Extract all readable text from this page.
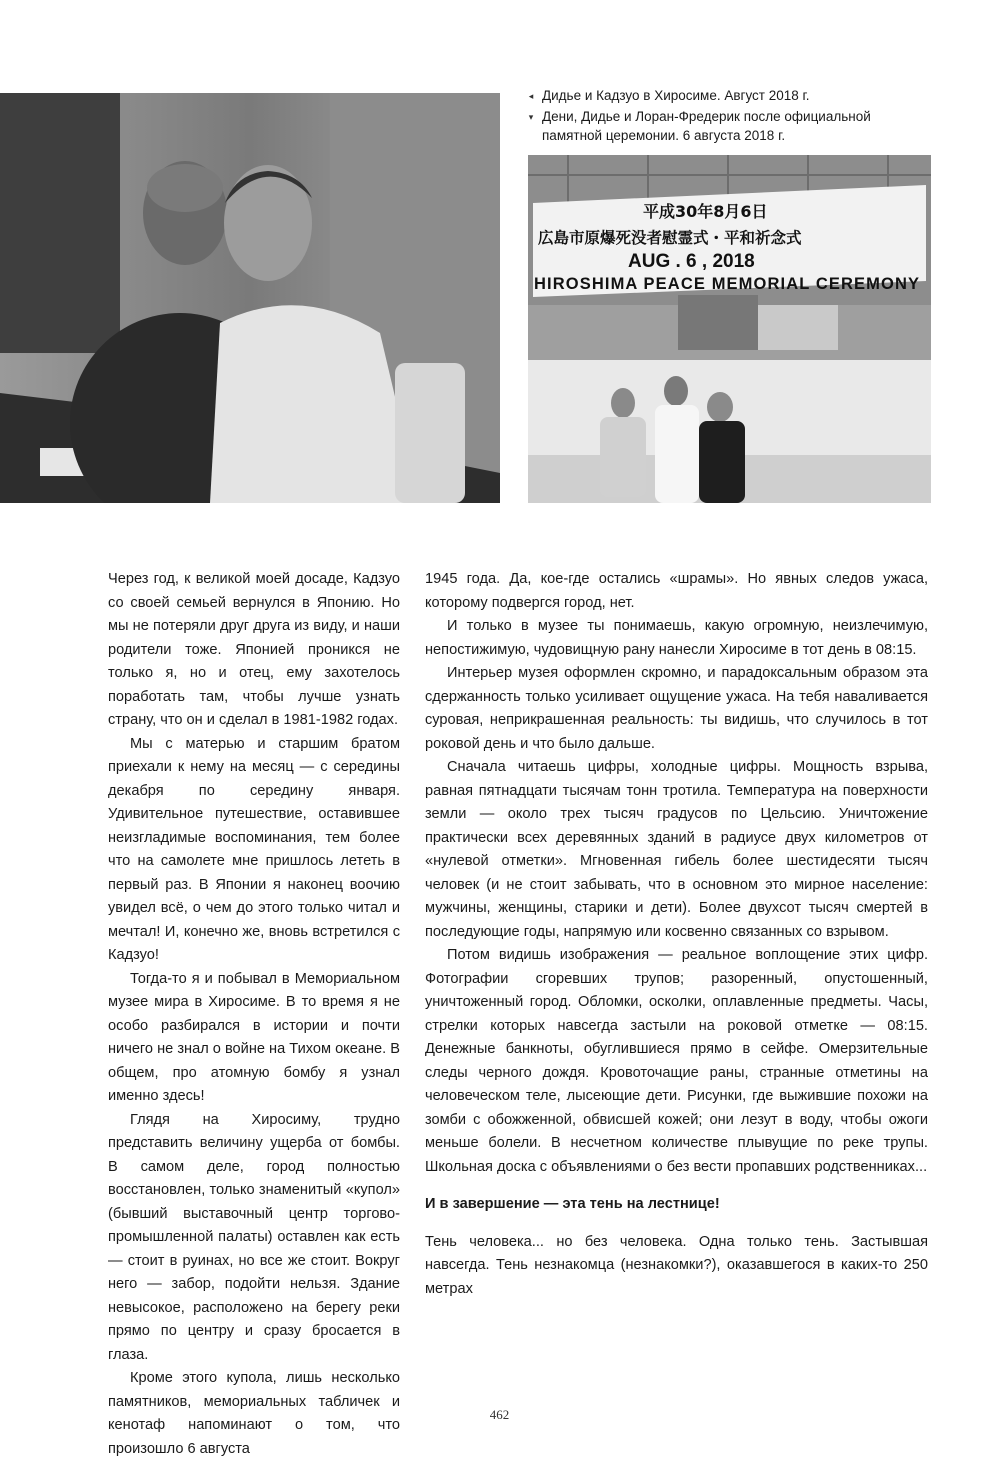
◂ Дидье и Кадзуо в Хиросиме. Август 2018 г.
▾ Дени, Дидье и Лоран-Фредерик после официальной памятной церемонии. 6 августа 2018 г.
平成30年8月6日
広島市原爆死没者慰霊式・平和祈念式
AUG . 6 , 2018
HIROSHIMA PEACE MEMORIAL CEREMONY

Через год, к великой моей досаде, Кадзуо со своей семьей вернулся в Японию. Но мы не потеряли друг друга из виду, и наши родители тоже. Японией проникся не только я, но и отец, ему захотелось поработать там, чтобы лучше узнать страну, что он и сделал в 1981-1982 годах.

Мы с матерью и старшим братом приехали к нему на месяц — с середины декабря по середину января. Удивительное путешествие, оставившее неизгладимые воспоминания, тем более что на самолете мне пришлось лететь в первый раз. В Японии я наконец воочию увидел всё, о чем до этого только читал и мечтал! И, конечно же, вновь встретился с Кадзуо!

Тогда-то я и побывал в Мемориальном музее мира в Хиросиме. В то время я не особо разбирался в истории и почти ничего не знал о войне на Тихом океане. В общем, про атомную бомбу я узнал именно здесь!

Глядя на Хиросиму, трудно представить величину ущерба от бомбы. В самом деле, город полностью восстановлен, только знаменитый «купол» (бывший выставочный центр торгово-промышленной палаты) оставлен как есть — стоит в руинах, но все же стоит. Вокруг него — забор, подойти нельзя. Здание невысокое, расположено на берегу реки прямо по центру и сразу бросается в глаза.

Кроме этого купола, лишь несколько памятников, мемориальных табличек и кенотаф напоминают о том, что произошло 6 августа

1945 года. Да, кое-где остались «шрамы». Но явных следов ужаса, которому подвергся город, нет.

И только в музее ты понимаешь, какую огромную, неизлечимую, непостижимую, чудовищную рану нанесли Хиросиме в тот день в 08:15.

Интерьер музея оформлен скромно, и парадоксальным образом эта сдержанность только усиливает ощущение ужаса. На тебя наваливается суровая, неприкрашенная реальность: ты видишь, что случилось в тот роковой день и что было дальше.

Сначала читаешь цифры, холодные цифры. Мощность взрыва, равная пятнадцати тысячам тонн тротила. Температура на поверхности земли — около трех тысяч градусов по Цельсию. Уничтожение практически всех деревянных зданий в радиусе двух километров от «нулевой отметки». Мгновенная гибель более шестидесяти тысяч человек (и не стоит забывать, что в основном это мирное население: мужчины, женщины, старики и дети). Более двухсот тысяч смертей в последующие годы, напрямую или косвенно связанных со взрывом.

Потом видишь изображения — реальное воплощение этих цифр. Фотографии сгоревших трупов; разоренный, опустошенный, уничтоженный город. Обломки, осколки, оплавленные предметы. Часы, стрелки которых навсегда застыли на роковой отметке — 08:15. Денежные банкноты, обуглившиеся прямо в сейфе. Омерзительные следы черного дождя. Кровоточащие раны, странные отметины на человеческом теле, лысеющие дети. Рисунки, где выжившие похожи на зомби с обожженной, обвисшей кожей; они лезут в воду, чтобы ожоги меньше болели. В несчетном количестве плывущие по реке трупы. Школьная доска с объявлениями о без вести пропавших родственниках...

И в завершение — эта тень на лестнице!

Тень человека... но без человека. Одна только тень. Застывшая навсегда. Тень незнакомца (незнакомки?), оказавшегося в каких-то 250 метрах

462
